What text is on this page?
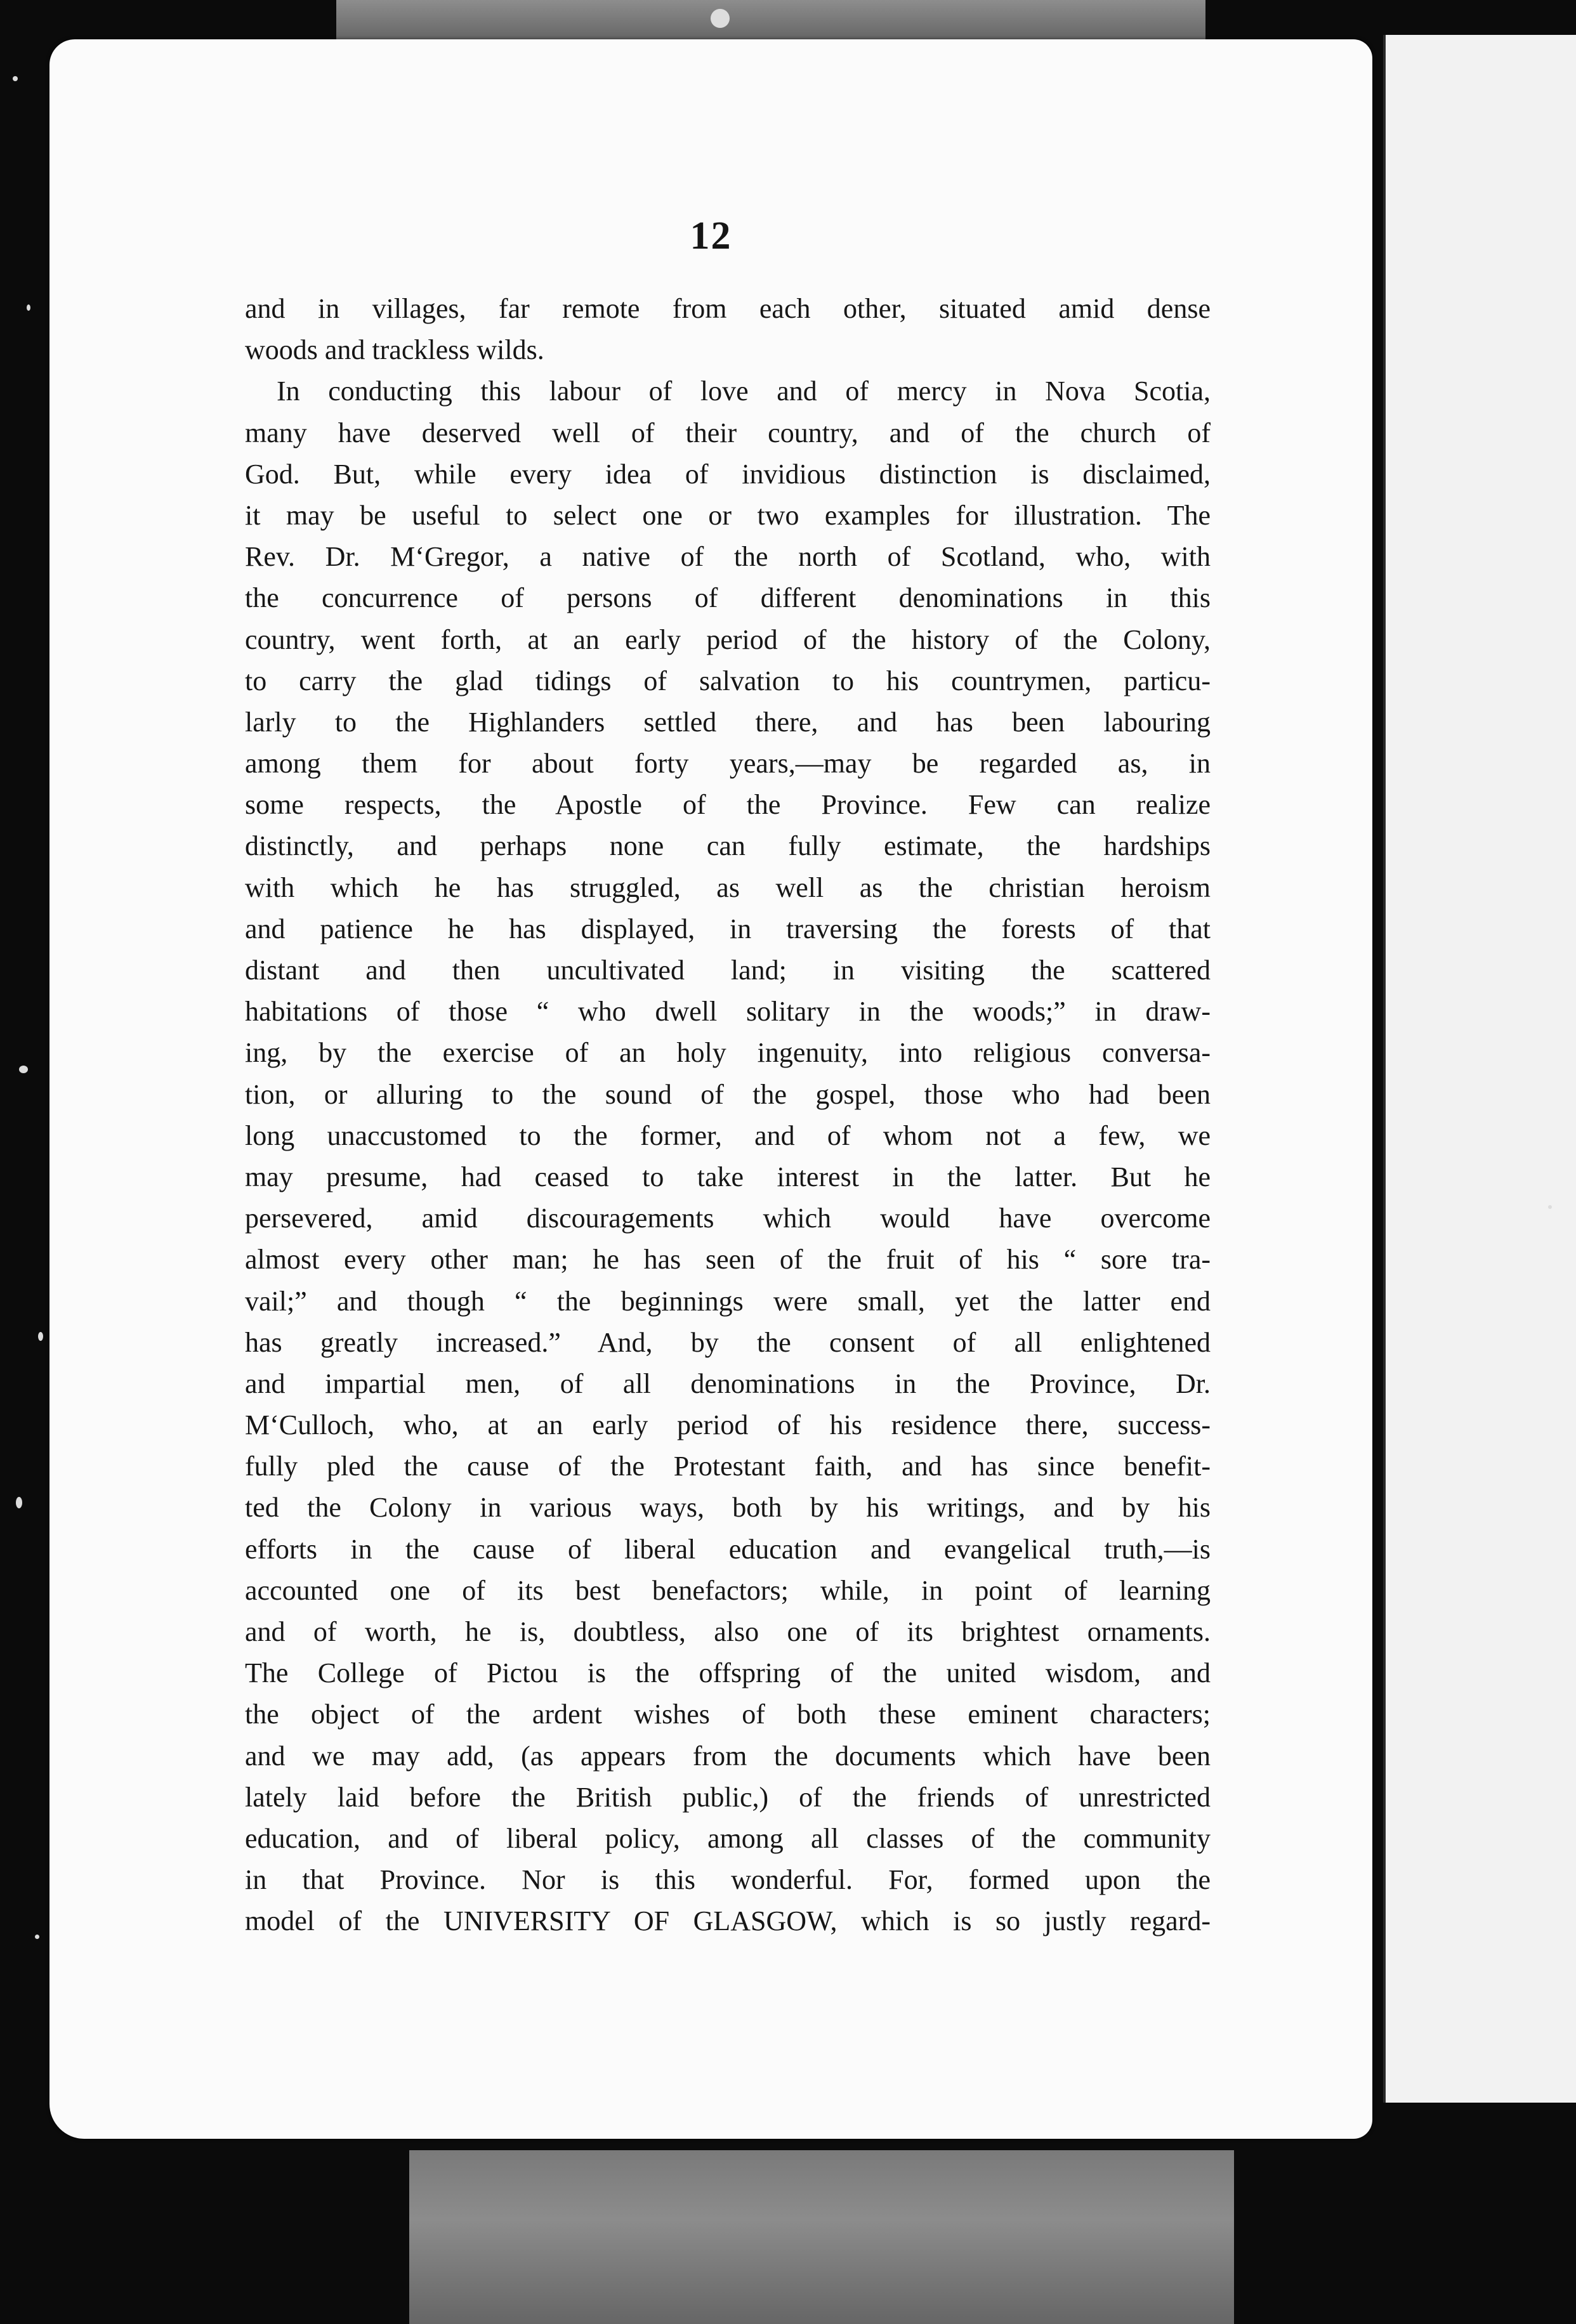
12
and in villages, far remote from each other, situated amid dense
woods and trackless wilds.
In conducting this labour of love and of mercy in Nova Scotia,
many have deserved well of their country, and of the church of
God. But, while every idea of invidious distinction is disclaimed,
it may be useful to select one or two examples for illustration. The
Rev. Dr. M‘Gregor, a native of the north of Scotland, who, with
the concurrence of persons of different denominations in this
country, went forth, at an early period of the history of the Colony,
to carry the glad tidings of salvation to his countrymen, particu-
larly to the Highlanders settled there, and has been labouring
among them for about forty years,—may be regarded as, in
some respects, the Apostle of the Province. Few can realize
distinctly, and perhaps none can fully estimate, the hardships
with which he has struggled, as well as the christian heroism
and patience he has displayed, in traversing the forests of that
distant and then uncultivated land; in visiting the scattered
habitations of those “ who dwell solitary in the woods;” in draw-
ing, by the exercise of an holy ingenuity, into religious conversa-
tion, or alluring to the sound of the gospel, those who had been
long unaccustomed to the former, and of whom not a few, we
may presume, had ceased to take interest in the latter. But he
persevered, amid discouragements which would have overcome
almost every other man; he has seen of the fruit of his “ sore tra-
vail;” and though “ the beginnings were small, yet the latter end
has greatly increased.” And, by the consent of all enlightened
and impartial men, of all denominations in the Province, Dr.
M‘Culloch, who, at an early period of his residence there, success-
fully pled the cause of the Protestant faith, and has since benefit-
ted the Colony in various ways, both by his writings, and by his
efforts in the cause of liberal education and evangelical truth,—is
accounted one of its best benefactors; while, in point of learning
and of worth, he is, doubtless, also one of its brightest ornaments.
The College of Pictou is the offspring of the united wisdom, and
the object of the ardent wishes of both these eminent characters;
and we may add, (as appears from the documents which have been
lately laid before the British public,) of the friends of unrestricted
education, and of liberal policy, among all classes of the community
in that Province. Nor is this wonderful. For, formed upon the
model of the UNIVERSITY OF GLASGOW, which is so justly regard-
